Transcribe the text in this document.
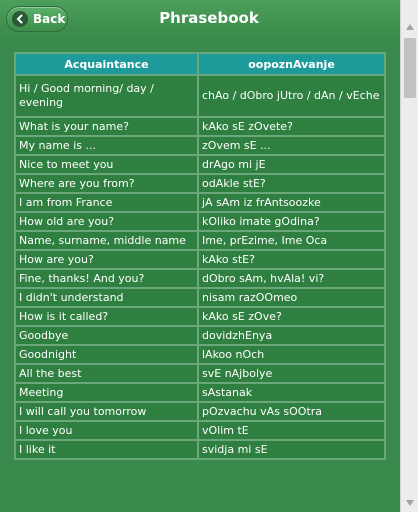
Back	Phrasebook
Acquaintance	oopoznAvanje
Hi / Good morning/ day / evening	chAo / dObro jUtro / dAn / vEche
What is your name?	kAko sE zOvete?
My name is ...	zOvem sE ...
Nice to meet you	drAgo mi jE
Where are you from?	odAkle stE?
I am from France	jA sAm iz frAntsoozke
How old are you?	kOliko imate gOdina?
Name, surname, middle name	Ime, prEzime, Ime Oca
How are you?	kAko stE?
Fine, thanks! And you?	dObro sAm, hvAla! vi?
I didn't understand	nisam razOOmeo
How is it called?	kAko sE zOve?
Goodbye	dovidzhEnya
Goodnight	lAkoo nOch
All the best	svE nAjbolye
Meeting	sAstanak
I will call you tomorrow	pOzvachu vAs sOOtra
I love you	vOlim tE
I like it	svidja mi sE
